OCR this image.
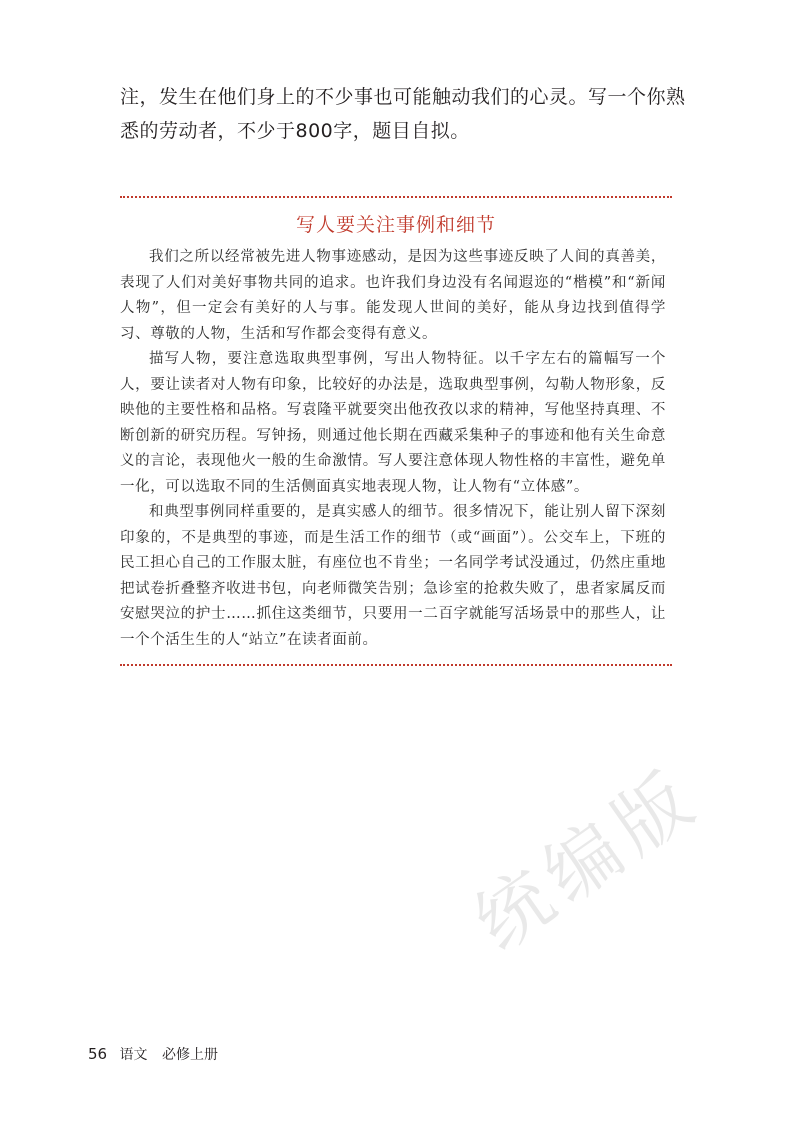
注，发生在他们身上的不少事也可能触动我们的心灵。写一个你熟悉的劳动者，不少于800字，题目自拟。
写人要关注事例和细节

我们之所以经常被先进人物事迹感动，是因为这些事迹反映了人间的真善美，表现了人们对美好事物共同的追求。也许我们身边没有名闻遐迩的“楷模”和“新闻人物”，但一定会有美好的人与事。能发现人世间的美好，能从身边找到值得学习、尊敬的人物，生活和写作都会变得有意义。

描写人物，要注意选取典型事例，写出人物特征。以千字左右的篇幅写一个人，要让读者对人物有印象，比较好的办法是，选取典型事例，勾勒人物形象，反映他的主要性格和品格。写袁隆平就要突出他孜孜以求的精神，写他坚持真理、不断创新的研究历程。写钟扬，则通过他长期在西藏采集种子的事迹和他有关生命意义的言论，表现他火一般的生命激情。写人要注意体现人物性格的丰富性，避免单一化，可以选取不同的生活侧面真实地表现人物，让人物有“立体感”。

和典型事例同样重要的，是真实感人的细节。很多情况下，能让别人留下深刻印象的，不是典型的事迹，而是生活工作的细节（或“画面”）。公交车上，下班的民工担心自己的工作服太脏，有座位也不肯坐；一名同学考试没通过，仍然庄重地把试卷折叠整齐收进书包，向老师微笑告别；急诊室的抢救失败了，患者家属反而安慰哭泣的护士……抓住这类细节，只要用一二百字就能写活场景中的那些人，让一个个活生生的人“站立”在读者面前。

统编版
56 语文 必修上册
